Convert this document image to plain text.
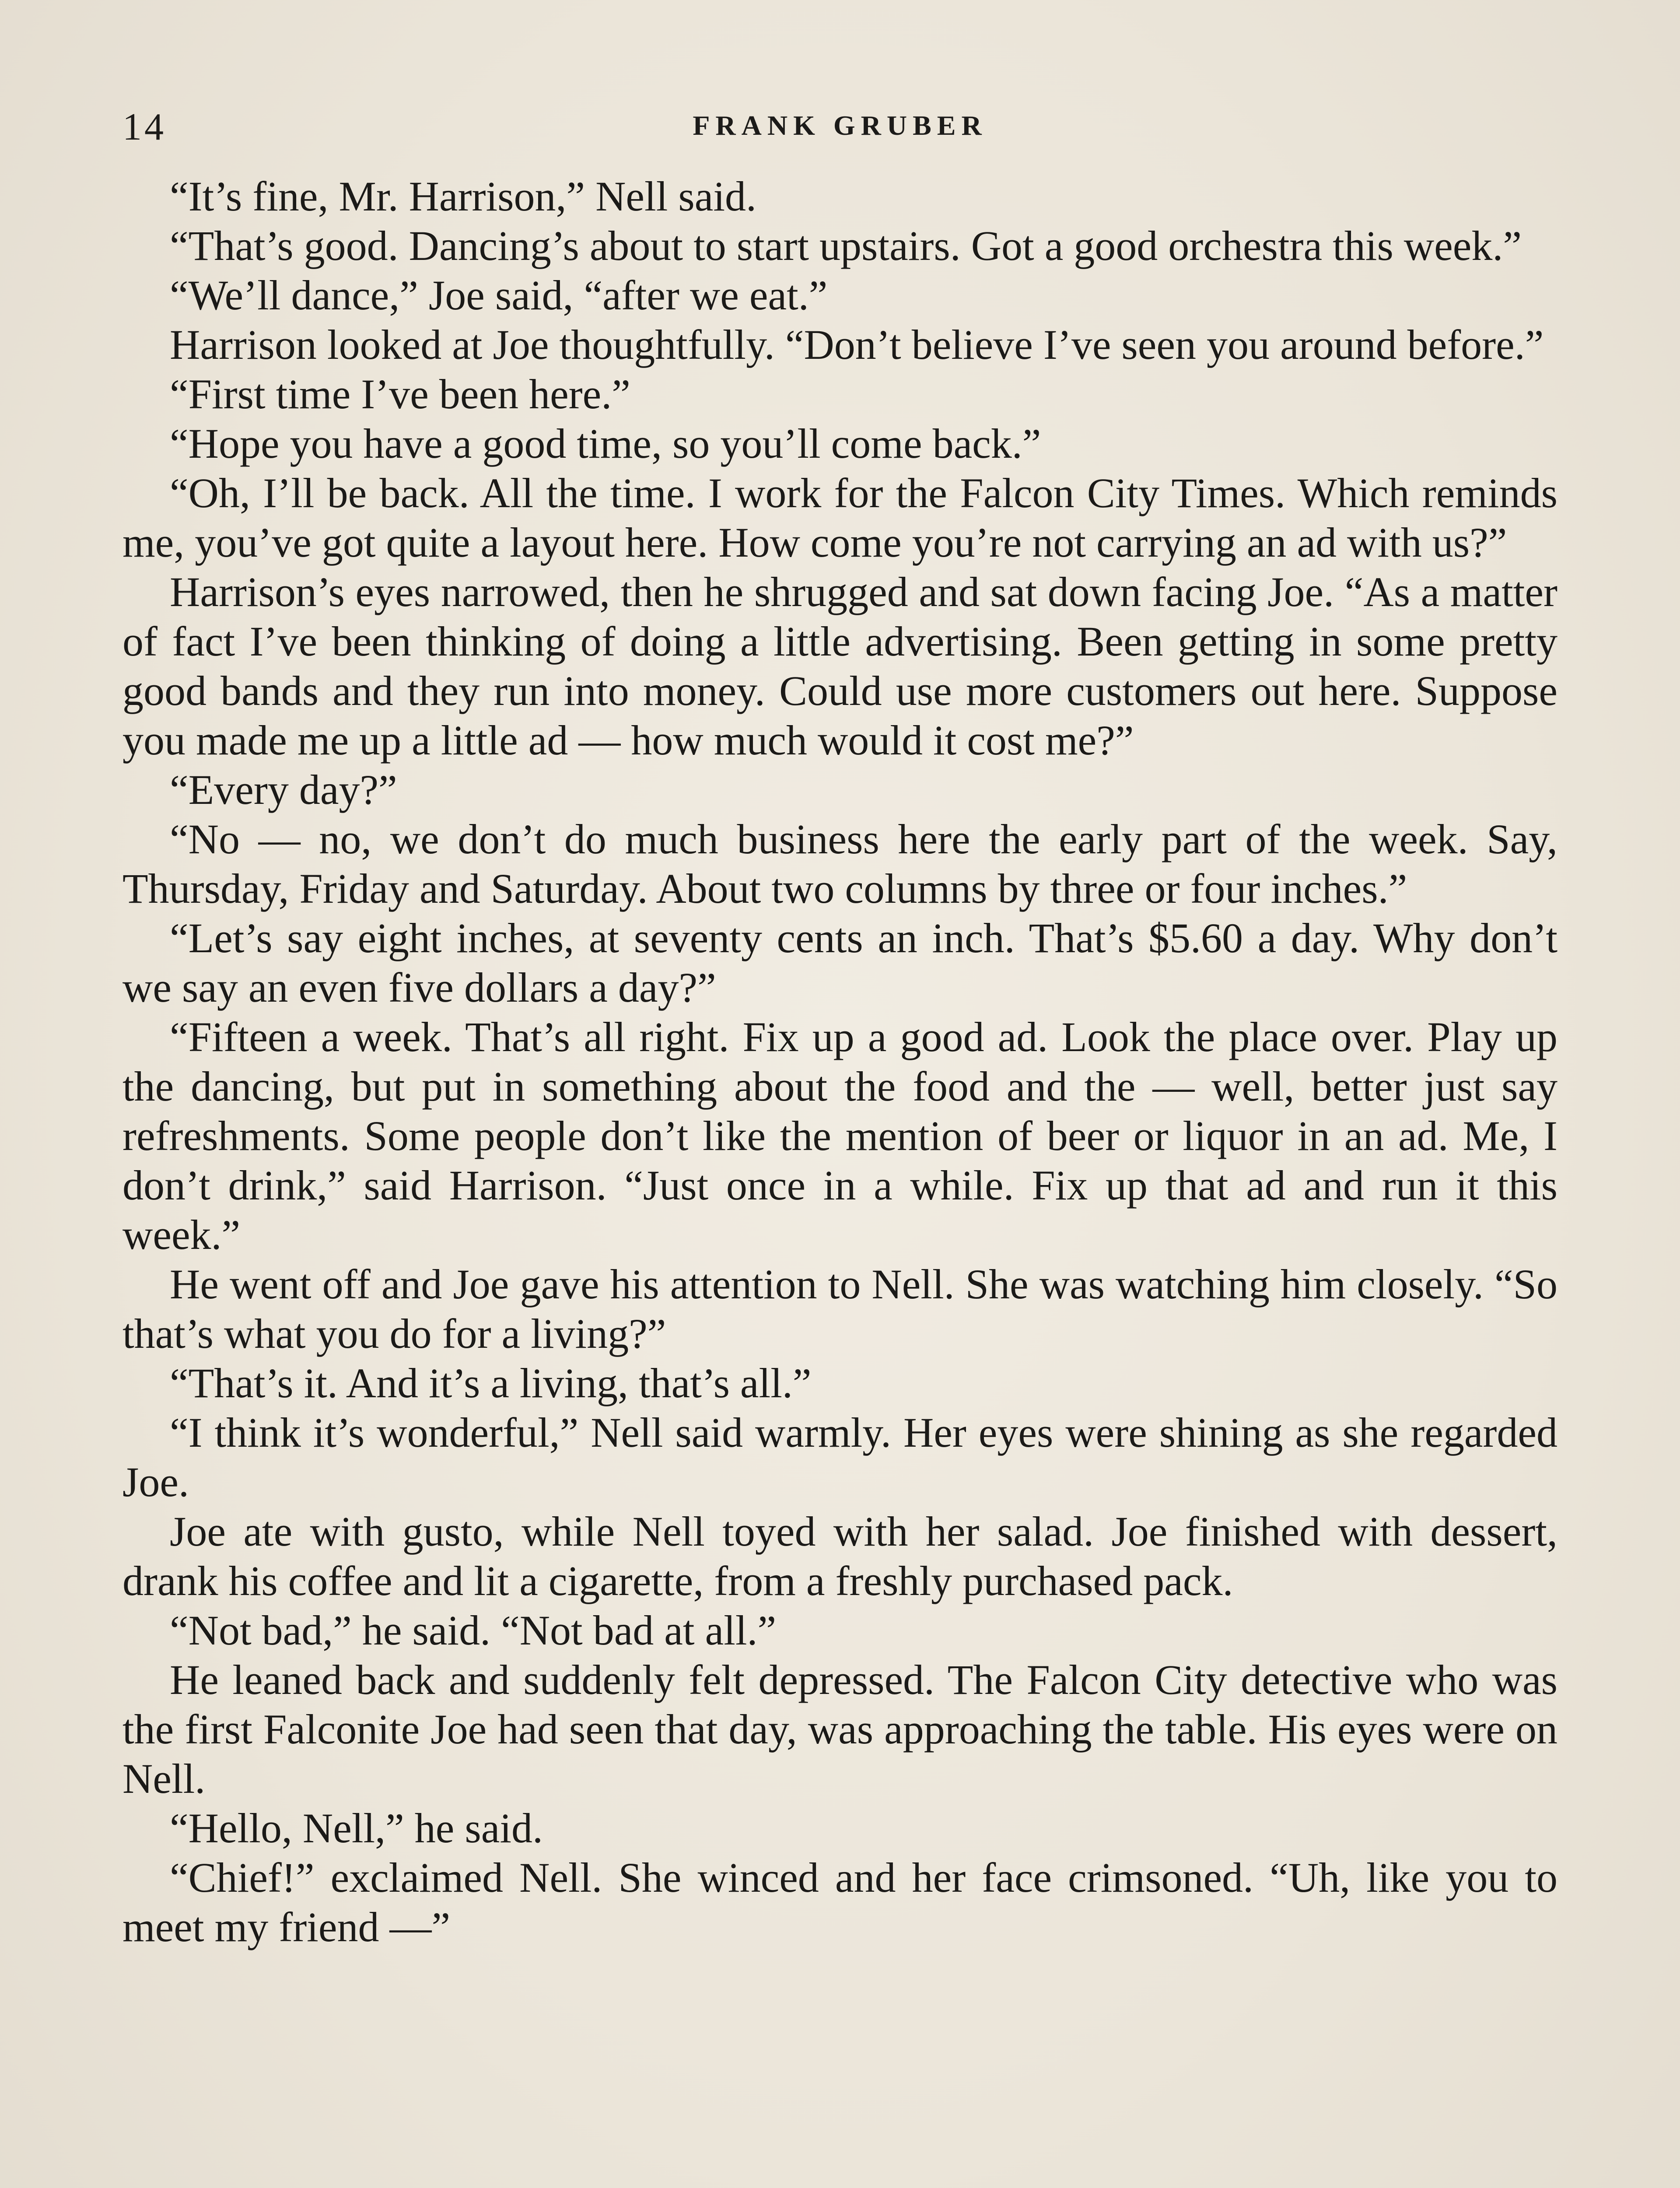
14	FRANK GRUBER

“It’s fine, Mr. Harrison,” Nell said.

“That’s good. Dancing’s about to start upstairs. Got a good orchestra this week.”

“We’ll dance,” Joe said, “after we eat.”

Harrison looked at Joe thoughtfully. “Don’t believe I’ve seen you around before.”

“First time I’ve been here.”

“Hope you have a good time, so you’ll come back.”

“Oh, I’ll be back. All the time. I work for the Falcon City Times. Which reminds me, you’ve got quite a layout here. How come you’re not carrying an ad with us?”

Harrison’s eyes narrowed, then he shrugged and sat down facing Joe. “As a matter of fact I’ve been thinking of doing a little advertising. Been getting in some pretty good bands and they run into money. Could use more customers out here. Suppose you made me up a little ad — how much would it cost me?”

“Every day?”

“No — no, we don’t do much business here the early part of the week. Say, Thursday, Friday and Saturday. About two columns by three or four inches.”

“Let’s say eight inches, at seventy cents an inch. That’s $5.60 a day. Why don’t we say an even five dollars a day?”

“Fifteen a week. That’s all right. Fix up a good ad. Look the place over. Play up the dancing, but put in something about the food and the — well, better just say refreshments. Some people don’t like the mention of beer or liquor in an ad. Me, I don’t drink,” said Harrison. “Just once in a while. Fix up that ad and run it this week.”

He went off and Joe gave his attention to Nell. She was watching him closely. “So that’s what you do for a living?”

“That’s it. And it’s a living, that’s all.”

“I think it’s wonderful,” Nell said warmly. Her eyes were shining as she regarded Joe.

Joe ate with gusto, while Nell toyed with her salad. Joe finished with dessert, drank his coffee and lit a cigarette, from a freshly purchased pack.

“Not bad,” he said. “Not bad at all.”

He leaned back and suddenly felt depressed. The Falcon City detective who was the first Falconite Joe had seen that day, was approaching the table. His eyes were on Nell.

“Hello, Nell,” he said.

“Chief!” exclaimed Nell. She winced and her face crimsoned. “Uh, like you to meet my friend —”
